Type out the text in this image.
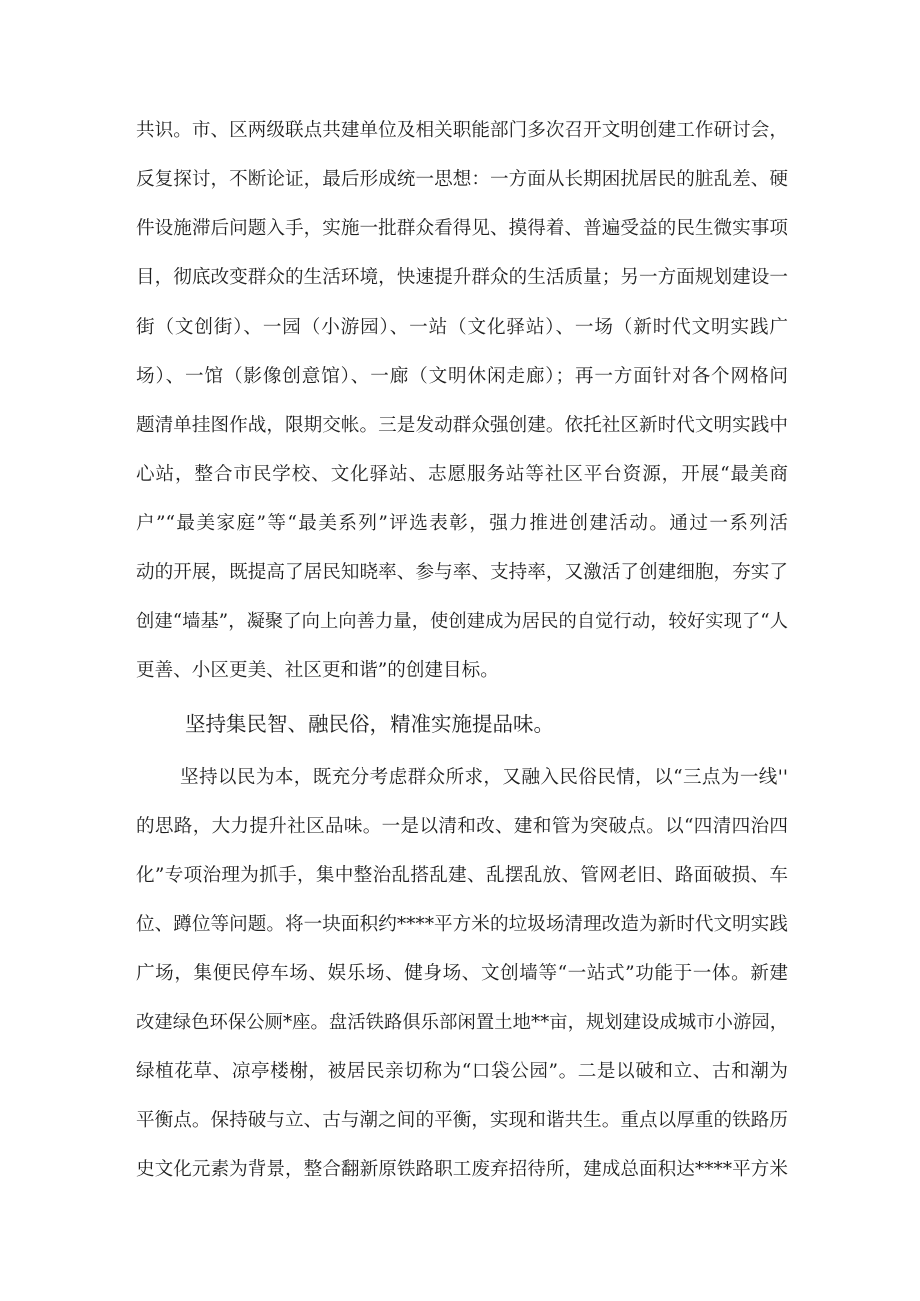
共识。市、区两级联点共建单位及相关职能部门多次召开文明创建工作研讨会，
反复探讨，不断论证，最后形成统一思想：一方面从长期困扰居民的脏乱差、硬
件设施滞后问题入手，实施一批群众看得见、摸得着、普遍受益的民生微实事项
目，彻底改变群众的生活环境，快速提升群众的生活质量；另一方面规划建设一
街（文创街）、一园（小游园）、一站（文化驿站）、一场（新时代文明实践广
场）、一馆（影像创意馆）、一廊（文明休闲走廊）；再一方面针对各个网格问
题清单挂图作战，限期交帐。三是发动群众强创建。依托社区新时代文明实践中
心站，整合市民学校、文化驿站、志愿服务站等社区平台资源，开展“最美商
户”“最美家庭”等“最美系列”评选表彰，强力推进创建活动。通过一系列活
动的开展，既提高了居民知晓率、参与率、支持率，又激活了创建细胞，夯实了
创建“墙基”，凝聚了向上向善力量，使创建成为居民的自觉行动，较好实现了“人
更善、小区更美、社区更和谐”的创建目标。
坚持集民智、融民俗，精准实施提品味。
坚持以民为本，既充分考虑群众所求，又融入民俗民情，以“三点为一线''
的思路，大力提升社区品味。一是以清和改、建和管为突破点。以“四清四治四
化”专项治理为抓手，集中整治乱搭乱建、乱摆乱放、管网老旧、路面破损、车
位、蹲位等问题。将一块面积约****平方米的垃圾场清理改造为新时代文明实践
广场，集便民停车场、娱乐场、健身场、文创墙等“一站式”功能于一体。新建
改建绿色环保公厕*座。盘活铁路俱乐部闲置土地**亩，规划建设成城市小游园，
绿植花草、凉亭楼榭，被居民亲切称为“口袋公园”。二是以破和立、古和潮为
平衡点。保持破与立、古与潮之间的平衡，实现和谐共生。重点以厚重的铁路历
史文化元素为背景，整合翻新原铁路职工废弃招待所，建成总面积达****平方米
